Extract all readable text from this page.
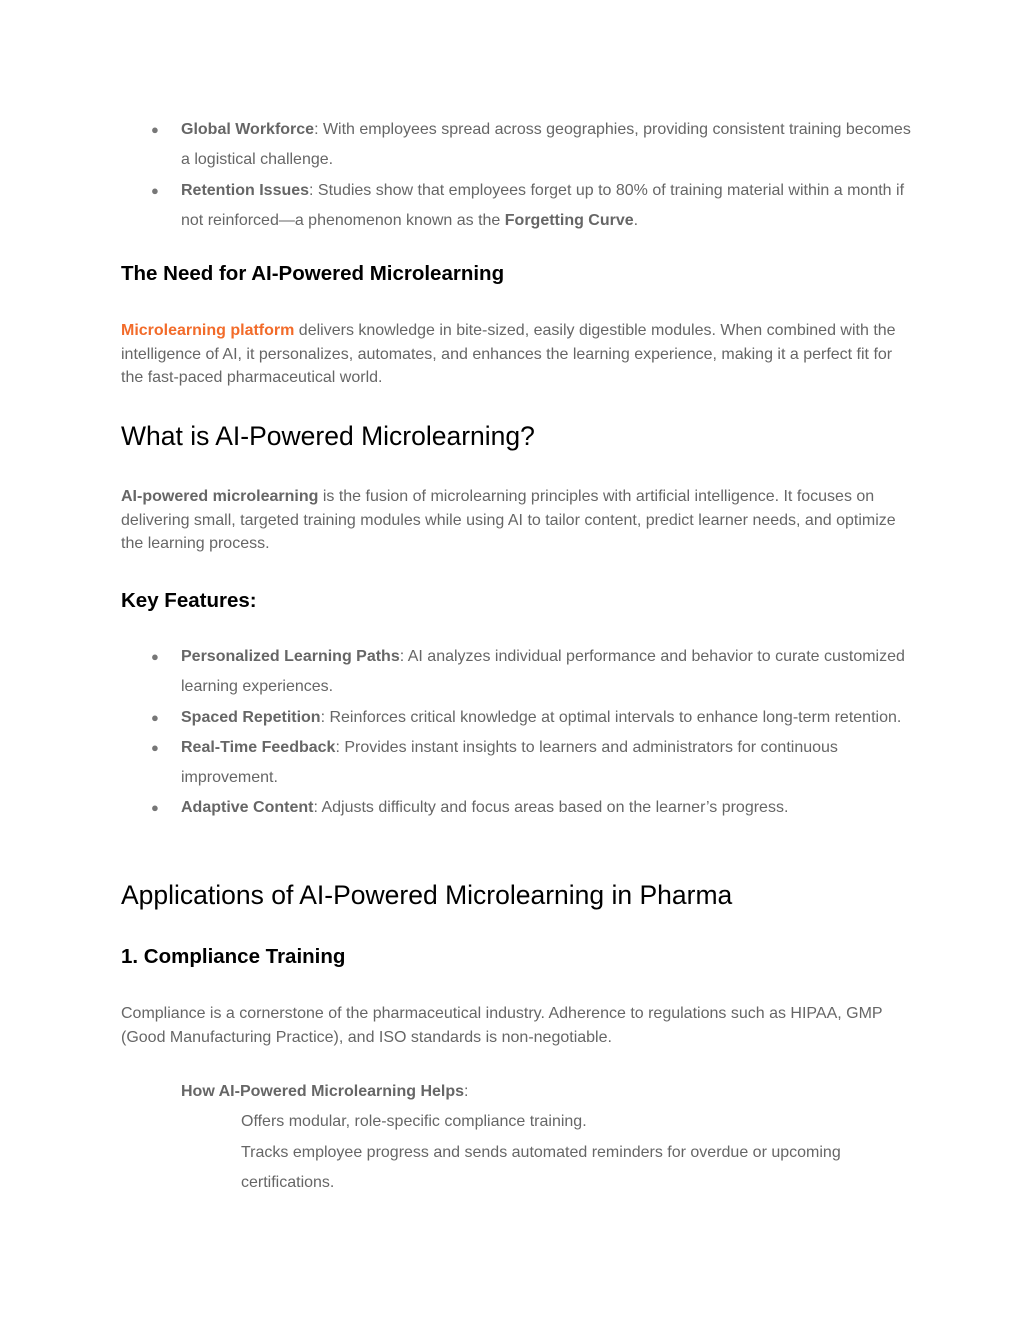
● Global Workforce: With employees spread across geographies, providing consistent training becomes a logistical challenge.
● Retention Issues: Studies show that employees forget up to 80% of training material within a month if not reinforced—a phenomenon known as the Forgetting Curve.
The Need for AI-Powered Microlearning

Microlearning platform delivers knowledge in bite-sized, easily digestible modules. When combined with the intelligence of AI, it personalizes, automates, and enhances the learning experience, making it a perfect fit for the fast-paced pharmaceutical world.

What is AI-Powered Microlearning?

AI-powered microlearning is the fusion of microlearning principles with artificial intelligence. It focuses on delivering small, targeted training modules while using AI to tailor content, predict learner needs, and optimize the learning process.

Key Features:
● Personalized Learning Paths: AI analyzes individual performance and behavior to curate customized learning experiences.
● Spaced Repetition: Reinforces critical knowledge at optimal intervals to enhance long-term retention.
● Real-Time Feedback: Provides instant insights to learners and administrators for continuous improvement.
● Adaptive Content: Adjusts difficulty and focus areas based on the learner’s progress.
Applications of AI-Powered Microlearning in Pharma
1. Compliance Training

Compliance is a cornerstone of the pharmaceutical industry. Adherence to regulations such as HIPAA, GMP (Good Manufacturing Practice), and ISO standards is non-negotiable.

How AI-Powered Microlearning Helps:
Offers modular, role-specific compliance training.
Tracks employee progress and sends automated reminders for overdue or upcoming certifications.
